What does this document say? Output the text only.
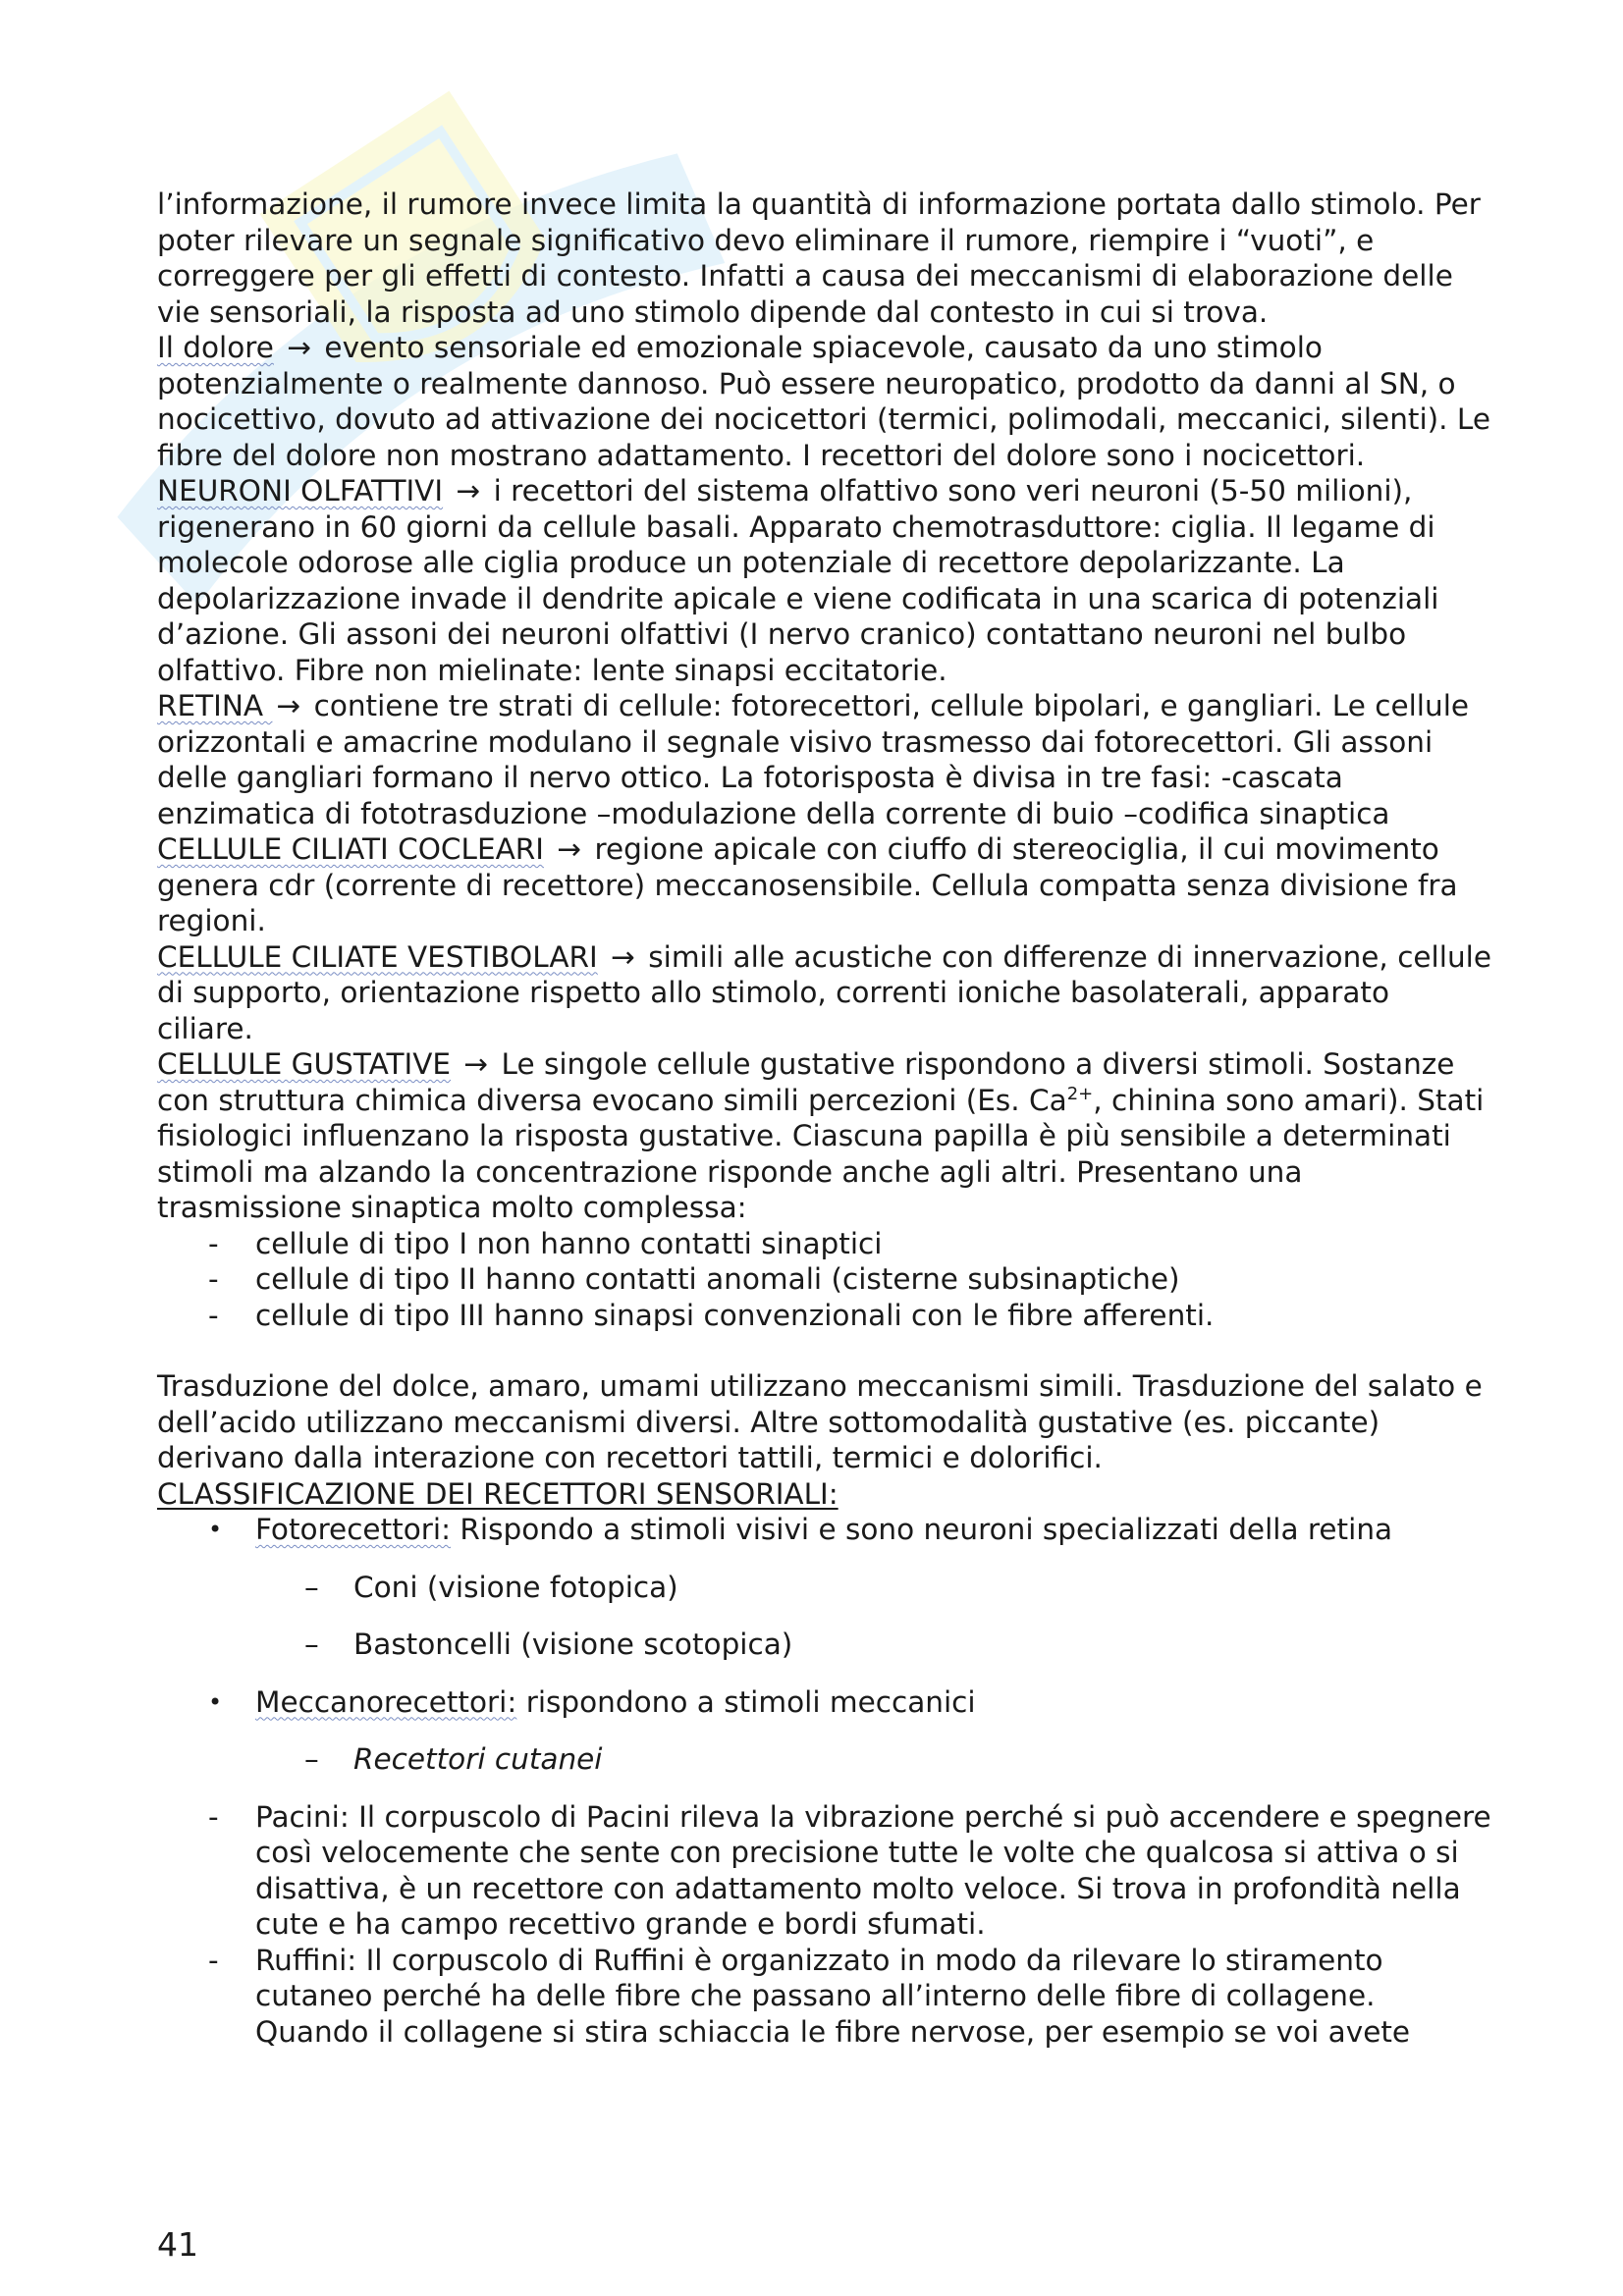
l’informazione, il rumore invece limita la quantità di informazione portata dallo stimolo. Per poter rilevare un segnale significativo devo eliminare il rumore, riempire i “vuoti”, e correggere per gli effetti di contesto. Infatti a causa dei meccanismi di elaborazione delle vie sensoriali, la risposta ad uno stimolo dipende dal contesto in cui si trova.

Il dolore → evento sensoriale ed emozionale spiacevole, causato da uno stimolo potenzialmente o realmente dannoso. Può essere neuropatico, prodotto da danni al SN, o nocicettivo, dovuto ad attivazione dei nocicettori (termici, polimodali, meccanici, silenti). Le fibre del dolore non mostrano adattamento. I recettori del dolore sono i nocicettori.

NEURONI OLFATTIVI → i recettori del sistema olfattivo sono veri neuroni (5-50 milioni), rigenerano in 60 giorni da cellule basali. Apparato chemotrasduttore: ciglia. Il legame di molecole odorose alle ciglia produce un potenziale di recettore depolarizzante. La depolarizzazione invade il dendrite apicale e viene codificata in una scarica di potenziali d’azione. Gli assoni dei neuroni olfattivi (I nervo cranico) contattano neuroni nel bulbo olfattivo. Fibre non mielinate: lente sinapsi eccitatorie.

RETINA → contiene tre strati di cellule: fotorecettori, cellule bipolari, e gangliari. Le cellule orizzontali e amacrine modulano il segnale visivo trasmesso dai fotorecettori. Gli assoni delle gangliari formano il nervo ottico. La fotorisposta è divisa in tre fasi: -cascata enzimatica di fototrasduzione –modulazione della corrente di buio –codifica sinaptica

CELLULE CILIATI COCLEARI → regione apicale con ciuffo di stereociglia, il cui movimento genera cdr (corrente di recettore) meccanosensibile. Cellula compatta senza divisione fra regioni.

CELLULE CILIATE VESTIBOLARI → simili alle acustiche con differenze di innervazione, cellule di supporto, orientazione rispetto allo stimolo, correnti ioniche basolaterali, apparato ciliare.

CELLULE GUSTATIVE → Le singole cellule gustative rispondono a diversi stimoli. Sostanze con struttura chimica diversa evocano simili percezioni (Es. $Ca^{2+}$, chinina sono amari). Stati fisiologici influenzano la risposta gustative. Ciascuna papilla è più sensibile a determinati stimoli ma alzando la concentrazione risponde anche agli altri. Presentano una trasmissione sinaptica molto complessa:

- cellule di tipo I non hanno contatti sinaptici
- cellule di tipo II hanno contatti anomali (cisterne subsinaptiche)
- cellule di tipo III hanno sinapsi convenzionali con le fibre afferenti.

Trasduzione del dolce, amaro, umami utilizzano meccanismi simili. Trasduzione del salato e dell’acido utilizzano meccanismi diversi. Altre sottomodalità gustative (es. piccante) derivano dalla interazione con recettori tattili, termici e dolorifici.

CLASSIFICAZIONE DEI RECETTORI SENSORIALI:

• Fotorecettori: Rispondo a stimoli visivi e sono neuroni specializzati della retina
– Coni (visione fotopica)
– Bastoncelli (visione scotopica)
• Meccanorecettori: rispondono a stimoli meccanici
– Recettori cutanei
- Pacini: Il corpuscolo di Pacini rileva la vibrazione perché si può accendere e spegnere così velocemente che sente con precisione tutte le volte che qualcosa si attiva o si disattiva, è un recettore con adattamento molto veloce. Si trova in profondità nella cute e ha campo recettivo grande e bordi sfumati.
- Ruffini: Il corpuscolo di Ruffini è organizzato in modo da rilevare lo stiramento cutaneo perché ha delle fibre che passano all’interno delle fibre di collagene. Quando il collagene si stira schiaccia le fibre nervose, per esempio se voi avete
41
